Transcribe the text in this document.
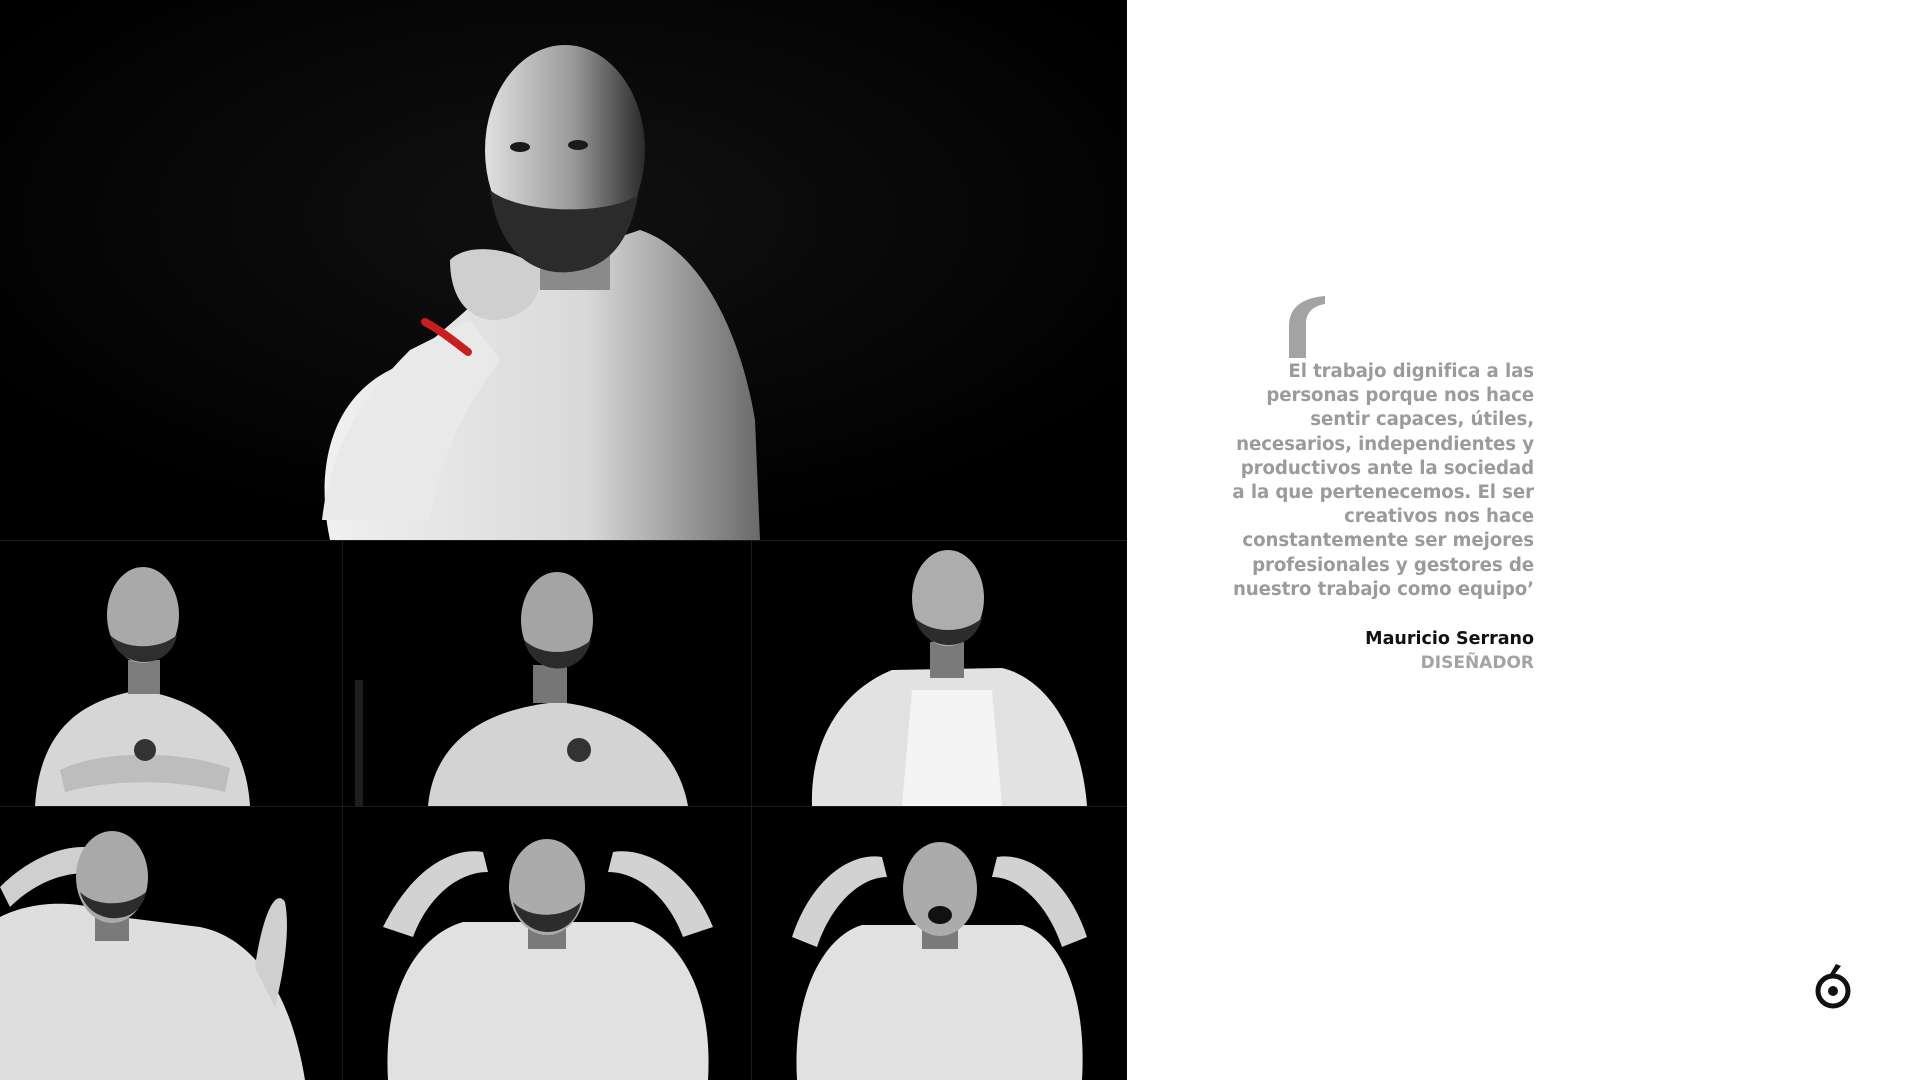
El trabajo dignifica a las
personas porque nos hace
sentir capaces, útiles,
necesarios, independientes y
productivos ante la sociedad
a la que pertenecemos. El ser
creativos nos hace
constantemente ser mejores
profesionales y gestores de
nuestro trabajo como equipo’

Mauricio Serrano
DISEÑADOR
